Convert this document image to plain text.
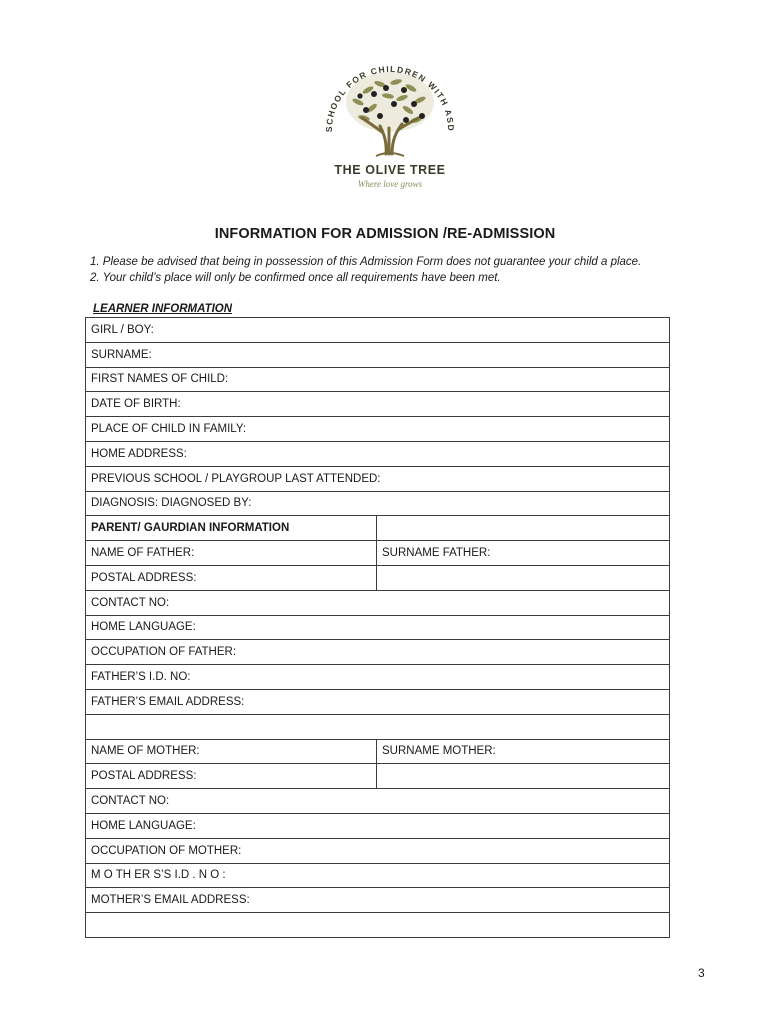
SCHOOL FOR CHILDREN WITH ASD
THE OLIVE TREE
Where love grows
INFORMATION FOR ADMISSION /RE-ADMISSION
1. Please be advised that being in possession of this Admission Form does not guarantee your child a place.
2. Your child’s place will only be confirmed once all requirements have been met.
LEARNER INFORMATION
GIRL / BOY:	
SURNAME:	
FIRST NAMES OF CHILD:	
DATE OF BIRTH:	
PLACE OF CHILD IN FAMILY:	
HOME ADDRESS:	
PREVIOUS SCHOOL / PLAYGROUP LAST ATTENDED:	
DIAGNOSIS: DIAGNOSED BY:	
PARENT/ GAURDIAN INFORMATION	
NAME OF FATHER:	SURNAME FATHER:
POSTAL ADDRESS:	
CONTACT NO:	
HOME LANGUAGE:	
OCCUPATION OF FATHER:	
FATHER’S I.D. NO:	
FATHER’S EMAIL ADDRESS:	

NAME OF MOTHER:	SURNAME MOTHER:
POSTAL ADDRESS:	
CONTACT NO:	
HOME LANGUAGE:	
OCCUPATION OF MOTHER:	
M O TH ER S’S I.D . N O :	
MOTHER’S EMAIL ADDRESS:	

3
